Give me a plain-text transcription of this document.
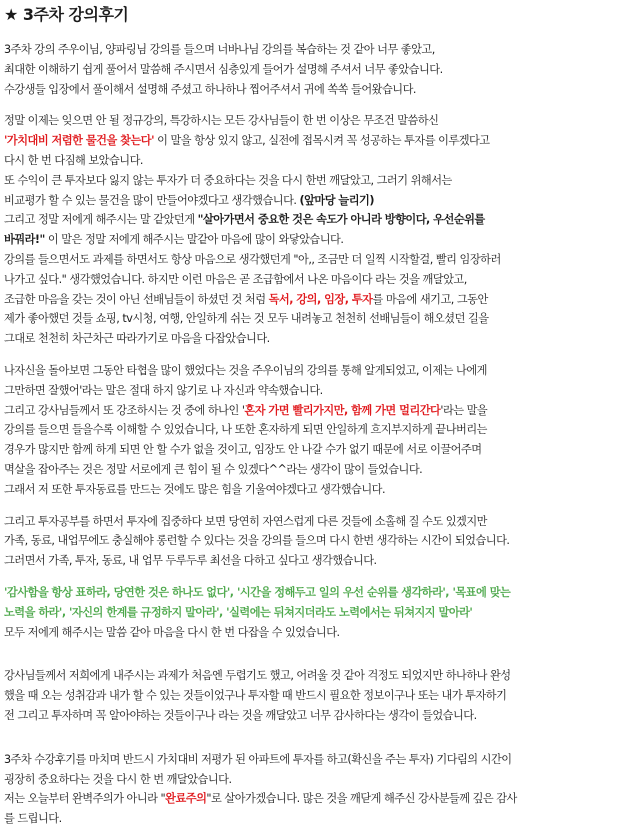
★ 3주차 강의후기
3주차 강의 주우이님, 양파링님 강의를 들으며 너바나님 강의를 복습하는 것 같아 너무 좋았고,
최대한 이해하기 쉽게 풀어서 말씀해 주시면서 심층있게 들어가 설명해 주셔서 너무 좋았습니다.
수강생들 입장에서 풀이해서 설명해 주셨고 하나하나 찝어주셔서 귀에 쏙쏙 들어왔습니다.
정말 이제는 잊으면 안 될 정규강의, 특강하시는 모든 강사님들이 한 번 이상은 무조건 말씀하신
'가치대비 저렴한 물건을 찾는다' 이 말을 항상 있지 않고, 실전에 접목시켜 꼭 성공하는 투자를 이루겠다고
다시 한 번 다짐해 보았습니다.
또 수익이 큰 투자보다 잃지 않는 투자가 더 중요하다는 것을 다시 한번 깨달았고, 그러기 위해서는
비교평가 할 수 있는 물건을 많이 만들어야겠다고 생각했습니다. (앞마당 늘리기)
그리고 정말 저에게 해주시는 말 같았던게 "살아가면서 중요한 것은 속도가 아니라 방향이다, 우선순위를
바꿔라!" 이 말은 정말 저에게 해주시는 말같아 마음에 많이 와닿았습니다.
강의를 들으면서도 과제를 하면서도 항상 마음으로 생각했던게 "아,, 조금만 더 일찍 시작할걸, 빨리 임장하러
나가고 싶다." 생각했었습니다. 하지만 이런 마음은 곧 조급함에서 나온 마음이다 라는 것을 깨달았고,
조급한 마음을 갖는 것이 아닌 선배님들이 하셨던 것 처럼 독서, 강의, 임장, 투자를 마음에 새기고, 그동안
제가 좋아했던 것들 쇼핑, tv시청, 여행, 안일하게 쉬는 것 모두 내려놓고 천천히 선배님들이 해오셨던 길을
그대로 천천히 차근차근 따라가기로 마음을 다잡았습니다.
나자신을 돌아보면 그동안 타협을 많이 했었다는 것을 주우이님의 강의를 통해 알게되었고, 이제는 나에게
그만하면 잘했어'라는 말은 절대 하지 않기로 나 자신과 약속했습니다.
그리고 강사님들께서 또 강조하시는 것 중에 하나인 '혼자 가면 빨리가지만, 함께 가면 멀리간다'라는 말을
강의를 들으면 들을수록 이해할 수 있었습니다, 나 또한 혼자하게 되면 안일하게 흐지부지하게 끝나버리는
경우가 많지만 함께 하게 되면 안 할 수가 없을 것이고, 임장도 안 나갈 수가 없기 때문에 서로 이끌어주며
멱살을 잡아주는 것은 정말 서로에게 큰 힘이 될 수 있겠다^^라는 생각이 많이 들었습니다.
그래서 저 또한 투자동료를 만드는 것에도 많은 힘을 기울여야겠다고 생각했습니다.
그리고 투자공부를 하면서 투자에 집중하다 보면 당연히 자연스럽게 다른 것들에 소홀해 질 수도 있겠지만
가족, 동료, 내업무에도 충실해야 롱런할 수 있다는 것을 강의를 들으며 다시 한번 생각하는 시간이 되었습니다.
그러면서 가족, 투자, 동료, 내 업무 두루두루 최선을 다하고 싶다고 생각했습니다.
'감사함을 항상 표하라, 당연한 것은 하나도 없다', '시간을 정해두고 일의 우선 순위를 생각하라', '목표에 맞는
노력을 하라', '자신의 한계를 규정하지 말아라', '실력에는 뒤쳐지더라도 노력에서는 뒤쳐지지 말아라'
모두 저에게 해주시는 말씀 같아 마음을 다시 한 번 다잡을 수 있었습니다.
강사님들께서 저희에게 내주시는 과제가 처음엔 두렵기도 했고, 어려울 것 같아 걱정도 되었지만 하나하나 완성
했을 때 오는 성취감과 내가 할 수 있는 것들이었구나 투자할 때 반드시 필요한 정보이구나 또는 내가 투자하기
전 그리고 투자하며 꼭 알아야하는 것들이구나 라는 것을 깨달았고 너무 감사하다는 생각이 들었습니다.
3주차 수강후기를 마치며 반드시 가치대비 저평가 된 아파트에 투자를 하고(확신을 주는 투자) 기다림의 시간이
굉장히 중요하다는 것을 다시 한 번 깨달았습니다.
저는 오늘부터 완벽주의가 아니라 "완료주의"로 살아가겠습니다. 많은 것을 깨닫게 해주신 강사분들께 깊은 감사
를 드립니다.
